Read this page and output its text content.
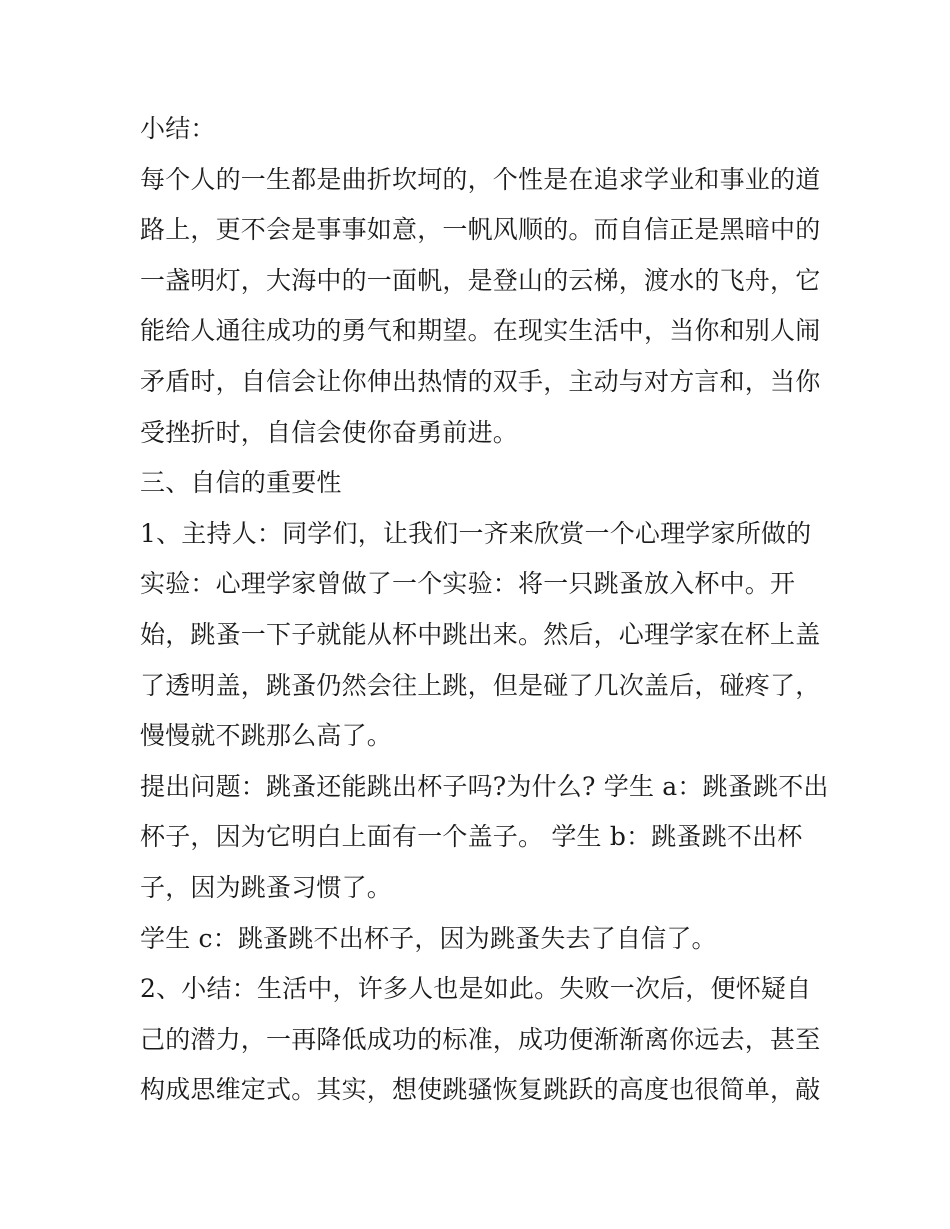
小结：
每个人的一生都是曲折坎坷的，个性是在追求学业和事业的道
路上，更不会是事事如意，一帆风顺的。而自信正是黑暗中的
一盏明灯，大海中的一面帆，是登山的云梯，渡水的飞舟，它
能给人通往成功的勇气和期望。在现实生活中，当你和别人闹
矛盾时，自信会让你伸出热情的双手，主动与对方言和，当你
受挫折时，自信会使你奋勇前进。
三、自信的重要性
1、主持人：同学们，让我们一齐来欣赏一个心理学家所做的
实验：心理学家曾做了一个实验：将一只跳蚤放入杯中。开
始，跳蚤一下子就能从杯中跳出来。然后，心理学家在杯上盖
了透明盖，跳蚤仍然会往上跳，但是碰了几次盖后，碰疼了，
慢慢就不跳那么高了。
提出问题：跳蚤还能跳出杯子吗?为什么? 学生 a：跳蚤跳不出
杯子，因为它明白上面有一个盖子。 学生 b：跳蚤跳不出杯
子，因为跳蚤习惯了。
学生 c：跳蚤跳不出杯子，因为跳蚤失去了自信了。
2、小结：生活中，许多人也是如此。失败一次后，便怀疑自
己的潜力，一再降低成功的标准，成功便渐渐离你远去，甚至
构成思维定式。其实，想使跳骚恢复跳跃的高度也很简单，敲
